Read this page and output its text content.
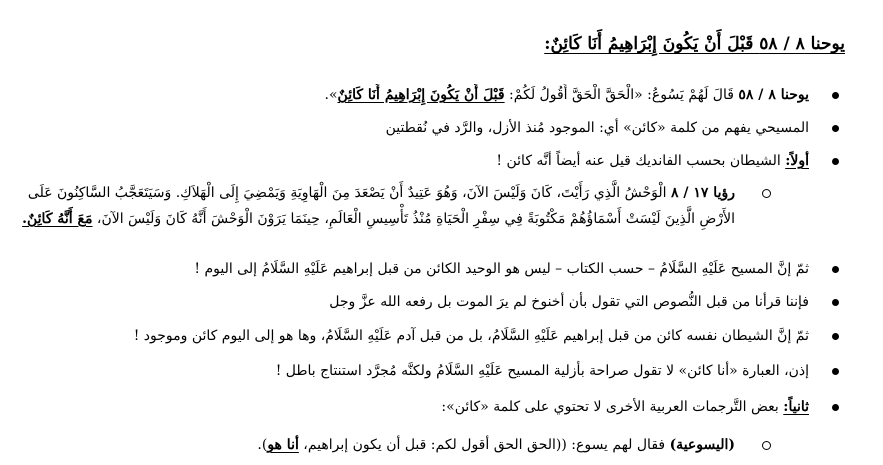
يوحنا ٨ / ٥٨ قَبْلَ أَنْ يَكُونَ إِبْرَاهِيمُ أَنَا كَائِنٌ:
يوحنا ٨ / ٥٨ قَالَ لَهُمْ يَسُوعُ: «الْحَقَّ الْحَقَّ أَقُولُ لَكُمْ: قَبْلَ أَنْ يَكُونَ إِبْرَاهِيمُ أَنَا كَائِنٌ».
المسيحي يفهم من كلمة «كائن» أي: الموجود مُنذ الأزل، والرَّد في نُقطتين
أولاً: الشيطان بحسب الفانديك قيل عنه أيضاً أنَّه كائن !
رؤيا ١٧ / ٨ الْوَحْشُ الَّذِي رَأَيْتَ، كَانَ وَلَيْسَ الآنَ، وَهُوَ عَتِيدٌ أَنْ يَصْعَدَ مِنَ الْهَاوِيَةِ وَيَمْضِيَ إِلَى الْهَلاَكِ. وَسَيَتَعَجَّبُ السَّاكِنُونَ عَلَى الأَرْضِ الَّذِينَ لَيْسَتْ أَسْمَاؤُهُمْ مَكْتُوبَةً فِي سِفْرِ الْحَيَاةِ مُنْذُ تَأْسِيسِ الْعَالَمِ، حِينَمَا يَرَوْنَ الْوَحْشَ أَنَّهُ كَانَ وَلَيْسَ الآنَ، مَعَ أَنَّهُ كَائِنٌ.
ثمّ إنَّ المسيح عَلَيْهِ السَّلَامُ – حسب الكتاب – ليس هو الوحيد الكائن من قبل إبراهيم عَلَيْهِ السَّلَامُ إلى اليوم !
فإننا قرأنا من قبل النُّصوص التي تقول بأن أخنوخ لم يرَ الموت بل رفعه الله عزَّ وجل
ثمّ إنَّ الشيطان نفسه كائن من قبل إبراهيم عَلَيْهِ السَّلَامُ، بل من قبل آدم عَلَيْهِ السَّلَامُ، وها هو إلى اليوم كائن وموجود !
إذن، العبارة «أنا كائن» لا تقول صراحة بأزلية المسيح عَلَيْهِ السَّلَامُ ولكنَّه مُجرَّد استنتاج باطل !
ثانياً: بعض التَّرجمات العربية الأخرى لا تحتوي على كلمة «كائن»:
(اليسوعية) فقال لهم يسوع: ((الحق الحق أقول لكم: قبل أن يكون إبراهيم، أنا هو).
